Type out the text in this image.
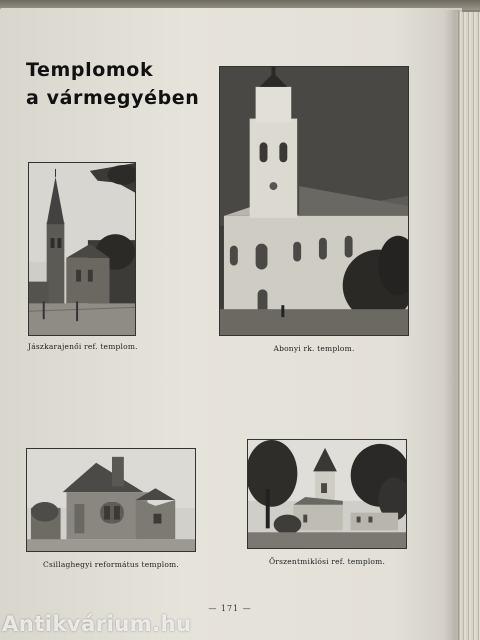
Templomok
a vármegyében
Jászkarajenői ref. templom.	Abonyi rk. templom.
Csillaghegyi református templom.	Őrszentmiklósi ref. templom.
— 171 —
Antikvárium.hu
